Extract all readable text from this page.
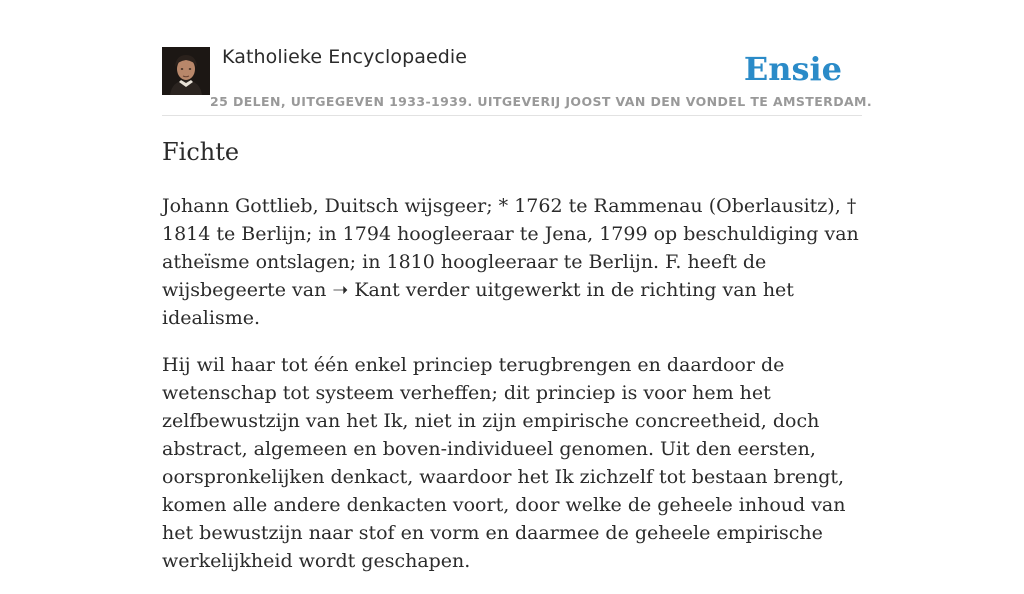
Katholieke Encyclopaedie
25 DELEN, UITGEGEVEN 1933-1939. UITGEVERIJ JOOST VAN DEN VONDEL TE AMSTERDAM.
Ensie
Fichte

Johann Gottlieb, Duitsch wijsgeer; * 1762 te Rammenau (Oberlausitz), † 1814 te Berlijn; in 1794 hoogleeraar te Jena, 1799 op beschuldiging van atheïsme ontslagen; in 1810 hoogleeraar te Berlijn. F. heeft de wijsbegeerte van ➝ Kant verder uitgewerkt in de richting van het idealisme.

Hij wil haar tot één enkel princiep terugbrengen en daardoor de wetenschap tot systeem verheffen; dit princiep is voor hem het zelfbewustzijn van het Ik, niet in zijn empirische concreetheid, doch abstract, algemeen en boven-individueel genomen. Uit den eersten, oorspronkelijken denkact, waardoor het Ik zichzelf tot bestaan brengt, komen alle andere denkacten voort, door welke de geheele inhoud van het bewustzijn naar stof en vorm en daarmee de geheele empirische werkelijkheid wordt geschapen.
